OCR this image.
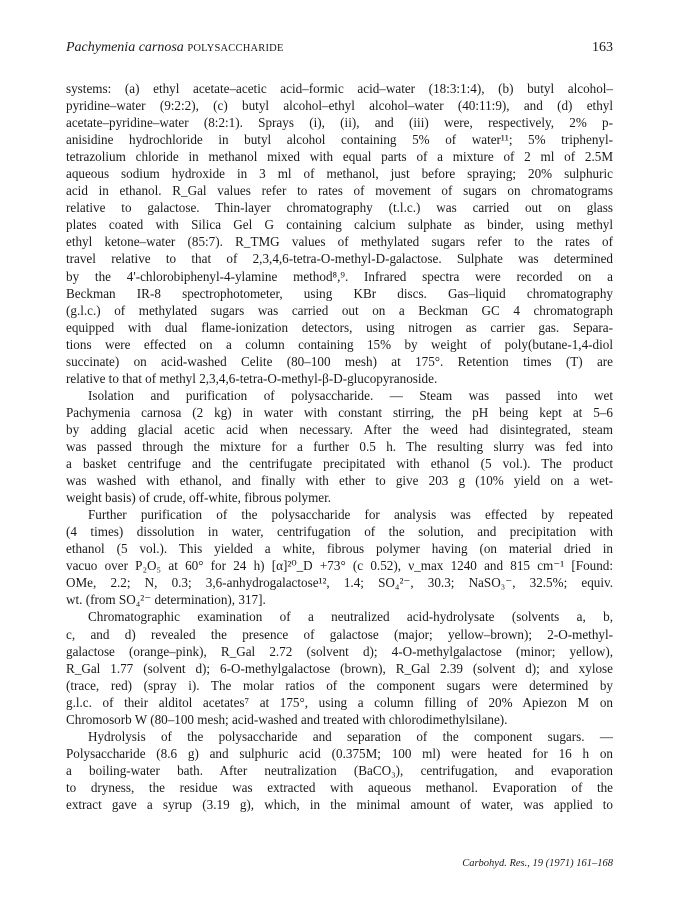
Pachymenia carnosa POLYSACCHARIDE	163
systems: (a) ethyl acetate–acetic acid–formic acid–water (18:3:1:4), (b) butyl alcohol–
pyridine–water (9:2:2), (c) butyl alcohol–ethyl alcohol–water (40:11:9), and (d) ethyl
acetate–pyridine–water (8:2:1). Sprays (i), (ii), and (iii) were, respectively, 2% p-
anisidine hydrochloride in butyl alcohol containing 5% of water¹¹; 5% triphenyl-
tetrazolium chloride in methanol mixed with equal parts of a mixture of 2 ml of 2.5M
aqueous sodium hydroxide in 3 ml of methanol, just before spraying; 20% sulphuric
acid in ethanol. R_Gal values refer to rates of movement of sugars on chromatograms
relative to galactose. Thin-layer chromatography (t.l.c.) was carried out on glass
plates coated with Silica Gel G containing calcium sulphate as binder, using methyl
ethyl ketone–water (85:7). R_TMG values of methylated sugars refer to the rates of
travel relative to that of 2,3,4,6-tetra-O-methyl-D-galactose. Sulphate was determined
by the 4'-chlorobiphenyl-4-ylamine method⁸,⁹. Infrared spectra were recorded on a
Beckman IR-8 spectrophotometer, using KBr discs. Gas–liquid chromatography
(g.l.c.) of methylated sugars was carried out on a Beckman GC 4 chromatograph
equipped with dual flame-ionization detectors, using nitrogen as carrier gas. Separa-
tions were effected on a column containing 15% by weight of poly(butane-1,4-diol
succinate) on acid-washed Celite (80–100 mesh) at 175°. Retention times (T) are
relative to that of methyl 2,3,4,6-tetra-O-methyl-β-D-glucopyranoside.
Isolation and purification of polysaccharide. — Steam was passed into wet
Pachymenia carnosa (2 kg) in water with constant stirring, the pH being kept at 5–6
by adding glacial acetic acid when necessary. After the weed had disintegrated, steam
was passed through the mixture for a further 0.5 h. The resulting slurry was fed into
a basket centrifuge and the centrifugate precipitated with ethanol (5 vol.). The product
was washed with ethanol, and finally with ether to give 203 g (10% yield on a wet-
weight basis) of crude, off-white, fibrous polymer.
Further purification of the polysaccharide for analysis was effected by repeated
(4 times) dissolution in water, centrifugation of the solution, and precipitation with
ethanol (5 vol.). This yielded a white, fibrous polymer having (on material dried in
vacuo over P₂O₅ at 60° for 24 h) [α]²⁰_D +73° (c 0.52), ν_max 1240 and 815 cm⁻¹ [Found:
OMe, 2.2; N, 0.3; 3,6-anhydrogalactose¹², 1.4; SO₄²⁻, 30.3; NaSO₃⁻, 32.5%; equiv.
wt. (from SO₄²⁻ determination), 317].
Chromatographic examination of a neutralized acid-hydrolysate (solvents a, b,
c, and d) revealed the presence of galactose (major; yellow–brown); 2-O-methyl-
galactose (orange–pink), R_Gal 2.72 (solvent d); 4-O-methylgalactose (minor; yellow),
R_Gal 1.77 (solvent d); 6-O-methylgalactose (brown), R_Gal 2.39 (solvent d); and xylose
(trace, red) (spray i). The molar ratios of the component sugars were determined by
g.l.c. of their alditol acetates⁷ at 175°, using a column filling of 20% Apiezon M on
Chromosorb W (80–100 mesh; acid-washed and treated with chlorodimethylsilane).
Hydrolysis of the polysaccharide and separation of the component sugars. —
Polysaccharide (8.6 g) and sulphuric acid (0.375M; 100 ml) were heated for 16 h on
a boiling-water bath. After neutralization (BaCO₃), centrifugation, and evaporation
to dryness, the residue was extracted with aqueous methanol. Evaporation of the
extract gave a syrup (3.19 g), which, in the minimal amount of water, was applied to
Carbohyd. Res., 19 (1971) 161–168
